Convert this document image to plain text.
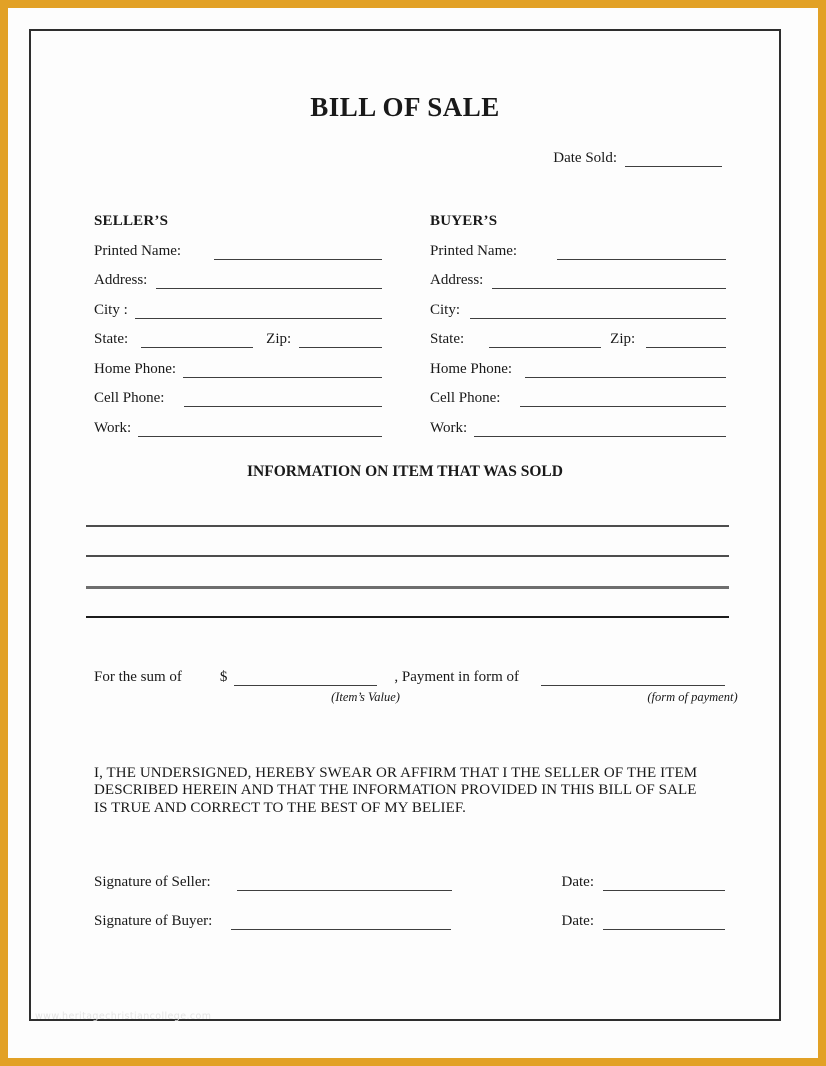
BILL OF SALE
Date Sold:
SELLER’S
Printed Name:
Address:
City :
State:	Zip:
Home Phone:
Cell Phone:
Work:
BUYER’S
Printed Name:
Address:
City:
State:	Zip:
Home Phone:
Cell Phone:
Work:
INFORMATION ON ITEM THAT WAS SOLD
For the sum of	$	, Payment in form of
(Item’s Value)	(form of payment)
I, THE UNDERSIGNED, HEREBY SWEAR OR AFFIRM THAT I THE SELLER OF THE ITEM
DESCRIBED HEREIN AND THAT THE INFORMATION PROVIDED IN THIS BILL OF SALE
IS TRUE AND CORRECT TO THE BEST OF MY BELIEF.
Signature of Seller:	Date:
Signature of Buyer:	Date:
www.heritagechristiancollege.com
